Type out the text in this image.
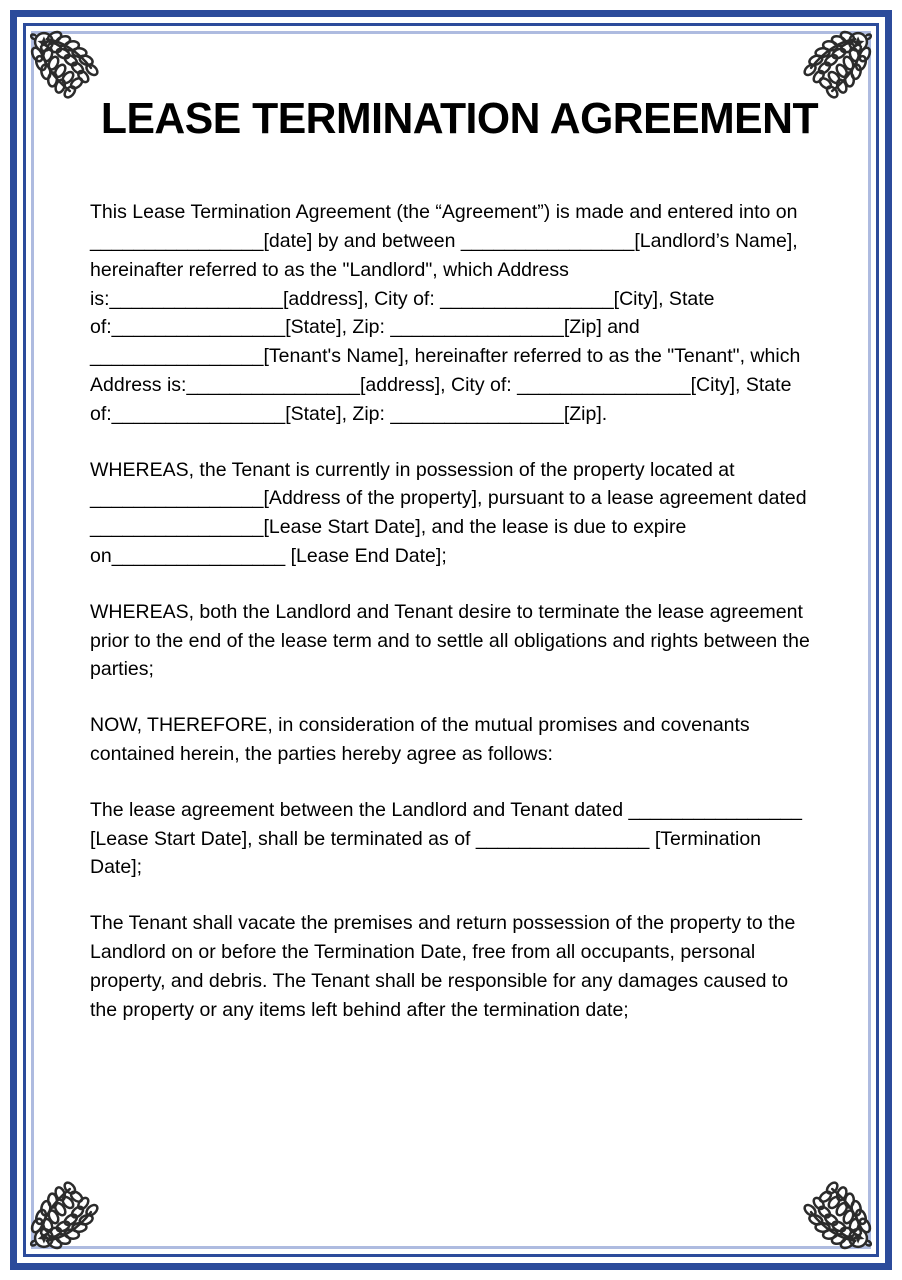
LEASE TERMINATION AGREEMENT

This Lease Termination Agreement (the “Agreement”) is made and entered into on ________________[date] by and between ________________[Landlord’s Name], hereinafter referred to as the "Landlord", which Address is:________________[address], City of: ________________[City], State of:________________[State], Zip: ________________[Zip] and ________________[Tenant's Name], hereinafter referred to as the "Tenant", which Address is:________________[address], City of: ________________[City], State of:________________[State], Zip: ________________[Zip].

WHEREAS, the Tenant is currently in possession of the property located at ________________[Address of the property], pursuant to a lease agreement dated ________________[Lease Start Date], and the lease is due to expire on________________ [Lease End Date];

WHEREAS, both the Landlord and Tenant desire to terminate the lease agreement prior to the end of the lease term and to settle all obligations and rights between the parties;

NOW, THEREFORE, in consideration of the mutual promises and covenants contained herein, the parties hereby agree as follows:

The lease agreement between the Landlord and Tenant dated ________________ [Lease Start Date], shall be terminated as of ________________ [Termination Date];

The Tenant shall vacate the premises and return possession of the property to the Landlord on or before the Termination Date, free from all occupants, personal property, and debris. The Tenant shall be responsible for any damages caused to the property or any items left behind after the termination date;
